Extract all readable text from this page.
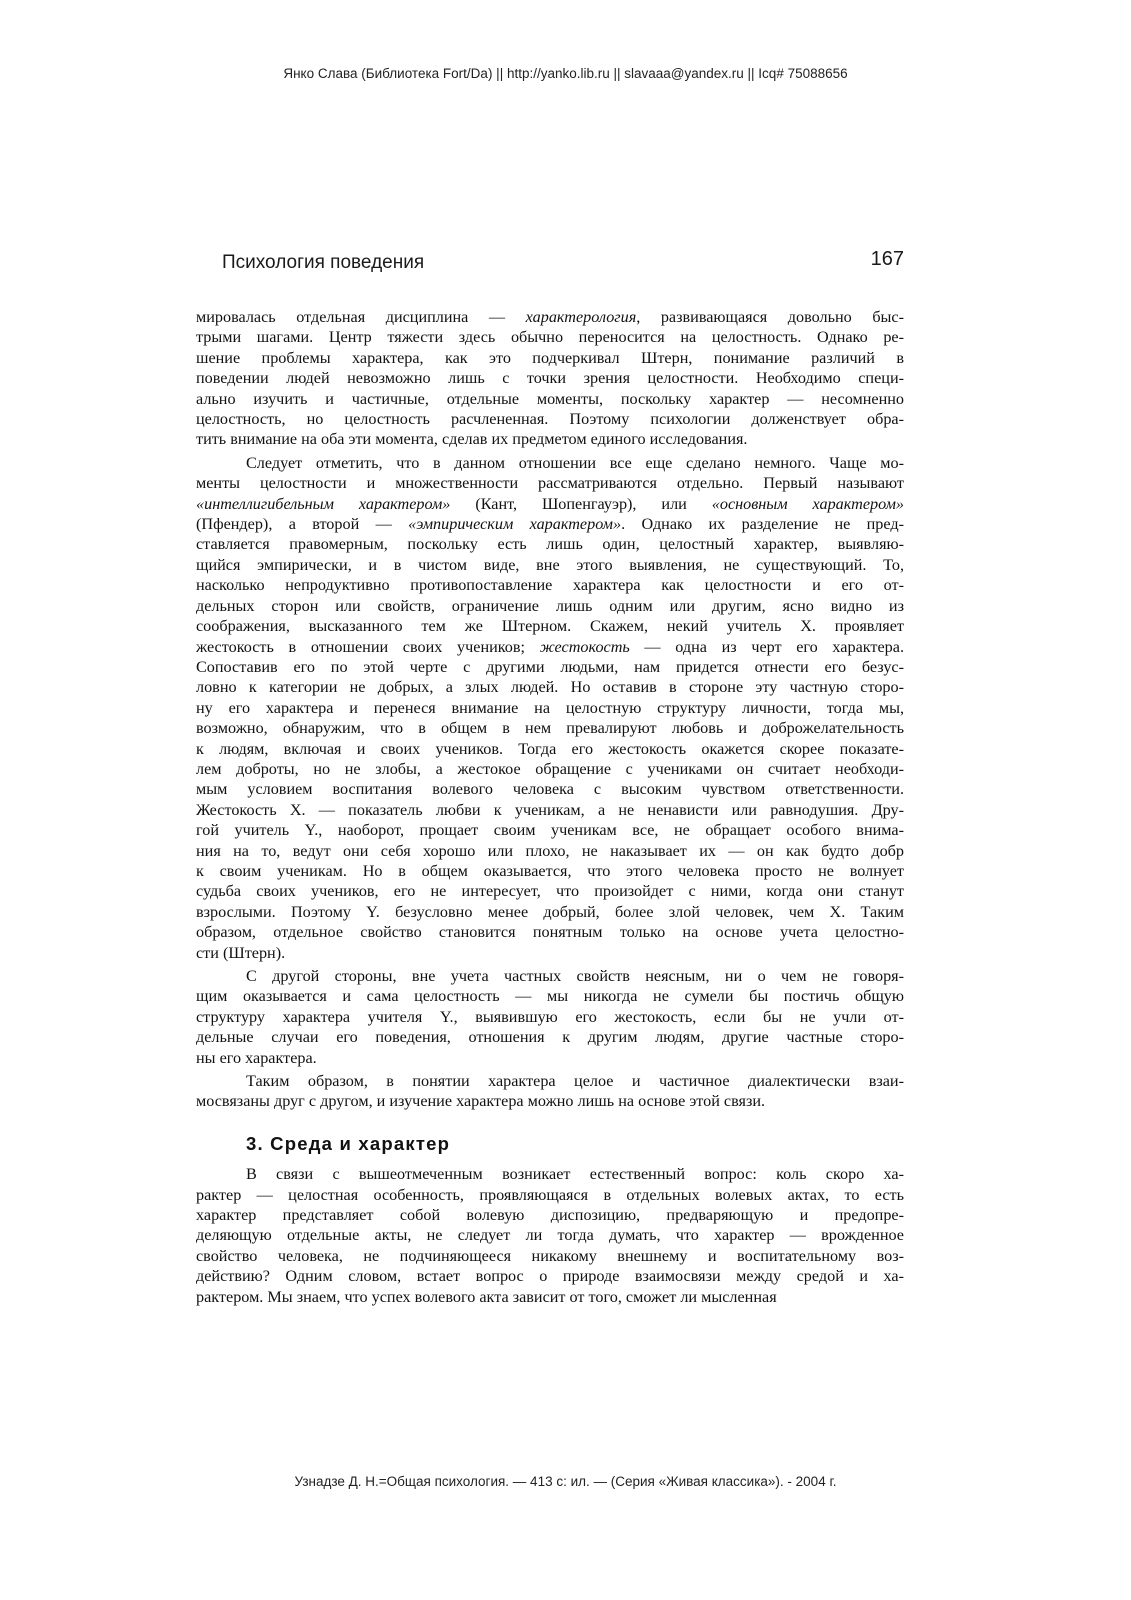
Янко Слава (Библиотека Fort/Da) || http://yanko.lib.ru || slavaaa@yandex.ru || Icq# 75088656
Психология поведения	167
мировалась отдельная дисциплина — характерология, развивающаяся довольно быс-
трыми шагами. Центр тяжести здесь обычно переносится на целостность. Однако ре-
шение проблемы характера, как это подчеркивал Штерн, понимание различий в
поведении людей невозможно лишь с точки зрения целостности. Необходимо специ-
ально изучить и частичные, отдельные моменты, поскольку характер — несомненно
целостность, но целостность расчлененная. Поэтому психологии долженствует обра-
тить внимание на оба эти момента, сделав их предметом единого исследования.
Следует отметить, что в данном отношении все еще сделано немного. Чаще мо-
менты целостности и множественности рассматриваются отдельно. Первый называют
«интеллигибельным характером» (Кант, Шопенгауэр), или «основным характером»
(Пфендер), а второй — «эмпирическим характером». Однако их разделение не пред-
ставляется правомерным, поскольку есть лишь один, целостный характер, выявляю-
щийся эмпирически, и в чистом виде, вне этого выявления, не существующий. То,
насколько непродуктивно противопоставление характера как целостности и его от-
дельных сторон или свойств, ограничение лишь одним или другим, ясно видно из
соображения, высказанного тем же Штерном. Скажем, некий учитель X. проявляет
жестокость в отношении своих учеников; жестокость — одна из черт его характера.
Сопоставив его по этой черте с другими людьми, нам придется отнести его безус-
ловно к категории не добрых, а злых людей. Но оставив в стороне эту частную сторо-
ну его характера и перенеся внимание на целостную структуру личности, тогда мы,
возможно, обнаружим, что в общем в нем превалируют любовь и доброжелательность
к людям, включая и своих учеников. Тогда его жестокость окажется скорее показате-
лем доброты, но не злобы, а жестокое обращение с учениками он считает необходи-
мым условием воспитания волевого человека с высоким чувством ответственности.
Жестокость X. — показатель любви к ученикам, а не ненависти или равнодушия. Дру-
гой учитель Y., наоборот, прощает своим ученикам все, не обращает особого внима-
ния на то, ведут они себя хорошо или плохо, не наказывает их — он как будто добр
к своим ученикам. Но в общем оказывается, что этого человека просто не волнует
судьба своих учеников, его не интересует, что произойдет с ними, когда они станут
взрослыми. Поэтому Y. безусловно менее добрый, более злой человек, чем X. Таким
образом, отдельное свойство становится понятным только на основе учета целостно-
сти (Штерн).
С другой стороны, вне учета частных свойств неясным, ни о чем не говоря-
щим оказывается и сама целостность — мы никогда не сумели бы постичь общую
структуру характера учителя Y., выявившую его жестокость, если бы не учли от-
дельные случаи его поведения, отношения к другим людям, другие частные сторо-
ны его характера.
Таким образом, в понятии характера целое и частичное диалектически взаи-
мосвязаны друг с другом, и изучение характера можно лишь на основе этой связи.
3. Среда и характер
В связи с вышеотмеченным возникает естественный вопрос: коль скоро ха-
рактер — целостная особенность, проявляющаяся в отдельных волевых актах, то есть
характер представляет собой волевую диспозицию, предваряющую и предопре-
деляющую отдельные акты, не следует ли тогда думать, что характер — врожденное
свойство человека, не подчиняющееся никакому внешнему и воспитательному воз-
действию? Одним словом, встает вопрос о природе взаимосвязи между средой и ха-
рактером. Мы знаем, что успех волевого акта зависит от того, сможет ли мысленная
Узнадзе Д. Н.=Общая психология. — 413 с: ил. — (Серия «Живая классика»). - 2004 г.
